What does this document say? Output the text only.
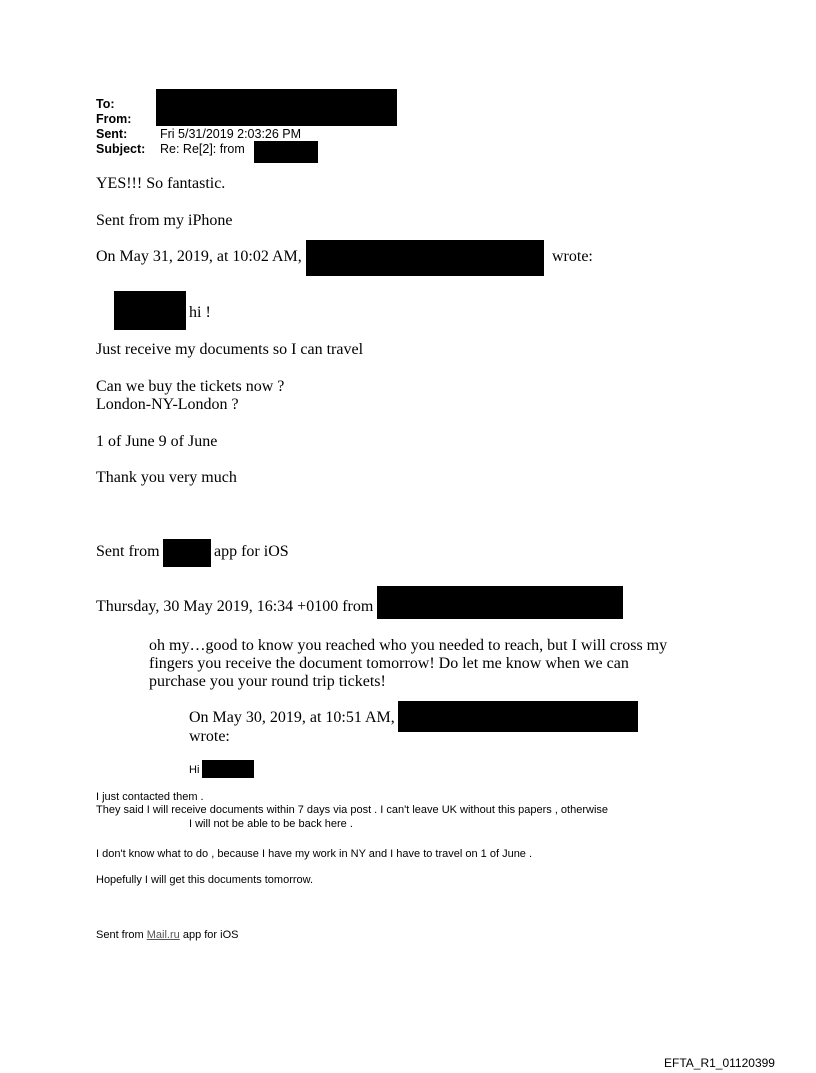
To:
From:
Sent:
Subject:
Fri 5/31/2019 2:03:26 PM
Re: Re[2]: from
YES!!! So fantastic.
Sent from my iPhone
On May 31, 2019, at 10:02 AM,	wrote:
hi !
Just receive my documents so I can travel
Can we buy the tickets now ?
London-NY-London ?
1 of June 9 of June
Thank you very much
Sent from	app for iOS
Thursday, 30 May 2019, 16:34 +0100 from
oh my…good to know you reached who you needed to reach, but I will cross my
fingers you receive the document tomorrow! Do let me know when we can
purchase you your round trip tickets!
On May 30, 2019, at 10:51 AM,
wrote:
Hi
I just contacted them .
They said I will receive documents within 7 days via post . I can't leave UK without this papers , otherwise
I will not be able to be back here .
I don't know what to do , because I have my work in NY and I have to travel on 1 of June .
Hopefully I will get this documents tomorrow.
Sent from Mail.ru app for iOS
EFTA_R1_01120399
